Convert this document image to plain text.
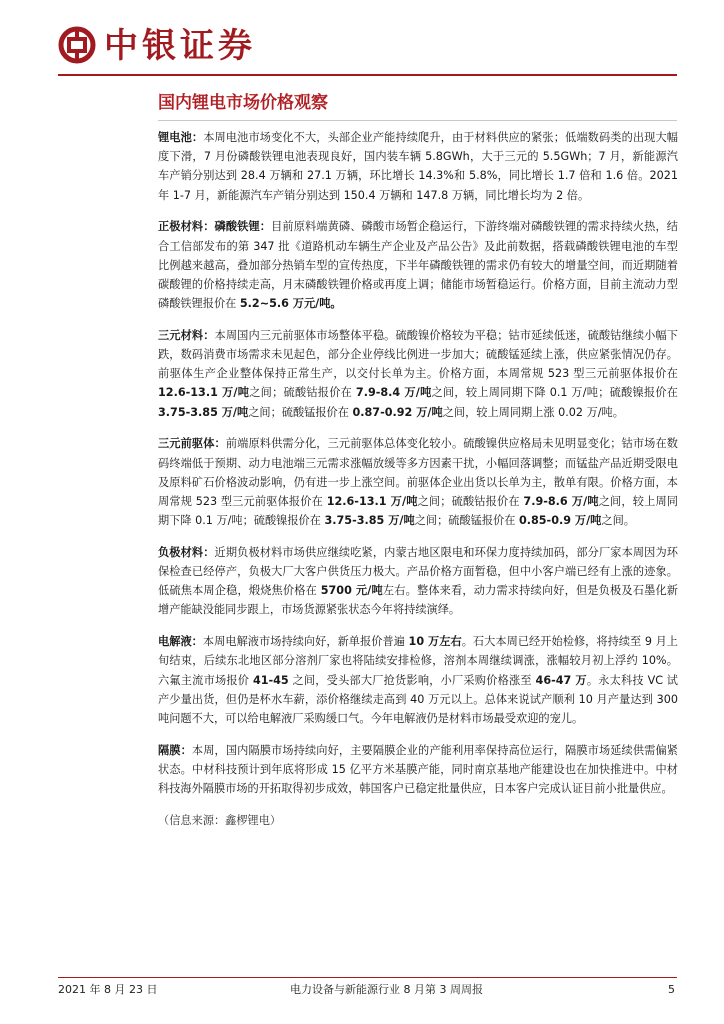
中银证券
国内锂电市场价格观察

锂电池：本周电池市场变化不大，头部企业产能持续爬升，由于材料供应的紧张；低端数码类的出现大幅度下滑，7 月份磷酸铁锂电池表现良好，国内装车辆 5.8GWh，大于三元的 5.5GWh；7 月，新能源汽车产销分别达到 28.4 万辆和 27.1 万辆，环比增长 14.3%和 5.8%，同比增长 1.7 倍和 1.6 倍。2021 年 1-7 月，新能源汽车产销分别达到 150.4 万辆和 147.8 万辆，同比增长均为 2 倍。

正极材料：磷酸铁锂：目前原料端黄磷、磷酸市场暂企稳运行，下游终端对磷酸铁锂的需求持续火热，结合工信部发布的第 347 批《道路机动车辆生产企业及产品公告》及此前数据，搭载磷酸铁锂电池的车型比例越来越高，叠加部分热销车型的宣传热度，下半年磷酸铁锂的需求仍有较大的增量空间，而近期随着碳酸锂的价格持续走高，月末磷酸铁锂价格或再度上调；储能市场暂稳运行。价格方面，目前主流动力型磷酸铁锂报价在 5.2~5.6 万元/吨。

三元材料：本周国内三元前驱体市场整体平稳。硫酸镍价格较为平稳；钴市延续低迷，硫酸钴继续小幅下跌，数码消费市场需求未见起色，部分企业停线比例进一步加大；硫酸锰延续上涨，供应紧张情况仍存。前驱体生产企业整体保持正常生产，以交付长单为主。价格方面，本周常规 523 型三元前驱体报价在 12.6-13.1 万/吨之间；硫酸钴报价在 7.9-8.4 万/吨之间，较上周同期下降 0.1 万/吨；硫酸镍报价在 3.75-3.85 万/吨之间；硫酸锰报价在 0.87-0.92 万/吨之间，较上周同期上涨 0.02 万/吨。

三元前驱体：前端原料供需分化，三元前驱体总体变化较小。硫酸镍供应格局未见明显变化；钴市场在数码终端低于预期、动力电池端三元需求涨幅放缓等多方因素干扰，小幅回落调整；而锰盐产品近期受限电及原料矿石价格波动影响，仍有进一步上涨空间。前驱体企业出货以长单为主，散单有限。价格方面，本周常规 523 型三元前驱体报价在 12.6-13.1 万/吨之间；硫酸钴报价在 7.9-8.6 万/吨之间，较上周同期下降 0.1 万/吨；硫酸镍报价在 3.75-3.85 万/吨之间；硫酸锰报价在 0.85-0.9 万/吨之间。

负极材料：近期负极材料市场供应继续吃紧，内蒙古地区限电和环保力度持续加码，部分厂家本周因为环保检查已经停产，负极大厂大客户供货压力极大。产品价格方面暂稳，但中小客户端已经有上涨的迹象。低硫焦本周企稳，煅烧焦价格在 5700 元/吨左右。整体来看，动力需求持续向好，但是负极及石墨化新增产能缺没能同步跟上，市场货源紧张状态今年将持续演绎。

电解液：本周电解液市场持续向好，新单报价普遍 10 万左右。石大本周已经开始检修，将持续至 9 月上旬结束，后续东北地区部分溶剂厂家也将陆续安排检修，溶剂本周继续调涨，涨幅较月初上浮约 10%。六氟主流市场报价 41-45 之间，受头部大厂抢货影响，小厂采购价格涨至 46-47 万。永太科技 VC 试产少量出货，但仍是杯水车薪，添价格继续走高到 40 万元以上。总体来说试产顺利 10 月产量达到 300 吨问题不大，可以给电解液厂采购缓口气。今年电解液仍是材料市场最受欢迎的宠儿。

隔膜：本周，国内隔膜市场持续向好，主要隔膜企业的产能利用率保持高位运行，隔膜市场延续供需偏紧状态。中材科技预计到年底将形成 15 亿平方米基膜产能，同时南京基地产能建设也在加快推进中。中材科技海外隔膜市场的开拓取得初步成效，韩国客户已稳定批量供应，日本客户完成认证目前小批量供应。

（信息来源：鑫椤锂电）
2021 年 8 月 23 日	电力设备与新能源行业 8 月第 3 周周报	5
